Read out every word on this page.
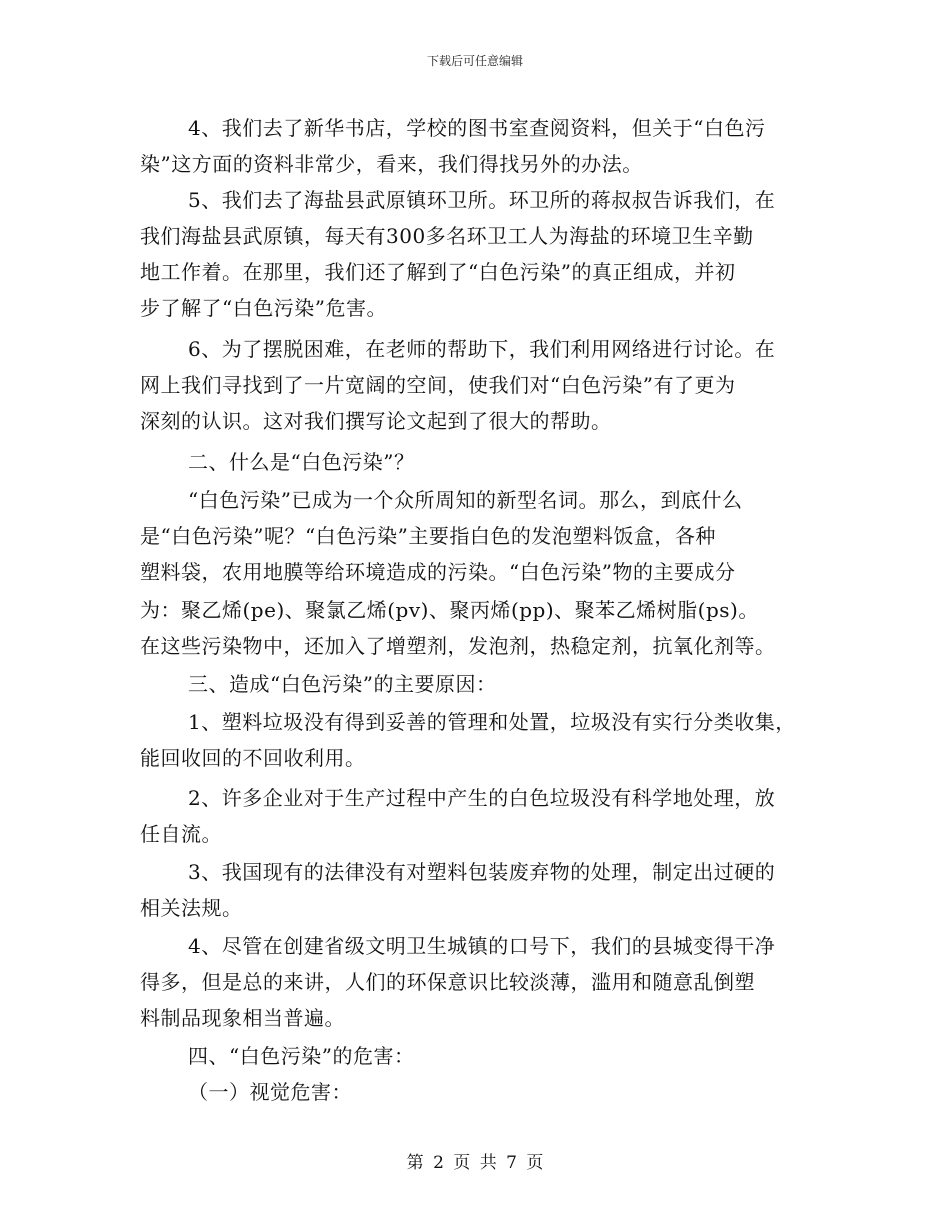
下载后可任意编辑
4、我们去了新华书店，学校的图书室查阅资料，但关于“白色污
染”这方面的资料非常少，看来，我们得找另外的办法。
5、我们去了海盐县武原镇环卫所。环卫所的蒋叔叔告诉我们，在
我们海盐县武原镇，每天有300多名环卫工人为海盐的环境卫生辛勤
地工作着。在那里，我们还了解到了“白色污染”的真正组成，并初
步了解了“白色污染”危害。
6、为了摆脱困难，在老师的帮助下，我们利用网络进行讨论。在
网上我们寻找到了一片宽阔的空间，使我们对“白色污染”有了更为
深刻的认识。这对我们撰写论文起到了很大的帮助。
二、什么是“白色污染”？
“白色污染”已成为一个众所周知的新型名词。那么，到底什么
是“白色污染”呢？“白色污染”主要指白色的发泡塑料饭盒，各种
塑料袋，农用地膜等给环境造成的污染。“白色污染”物的主要成分
为：聚乙烯(pe)、聚氯乙烯(pv)、聚丙烯(pp)、聚苯乙烯树脂(ps)。
在这些污染物中，还加入了增塑剂，发泡剂，热稳定剂，抗氧化剂等。
三、造成“白色污染”的主要原因：
1、塑料垃圾没有得到妥善的管理和处置，垃圾没有实行分类收集，
能回收回的不回收利用。
2、许多企业对于生产过程中产生的白色垃圾没有科学地处理，放
任自流。
3、我国现有的法律没有对塑料包装废弃物的处理，制定出过硬的
相关法规。
4、尽管在创建省级文明卫生城镇的口号下，我们的县城变得干净
得多，但是总的来讲，人们的环保意识比较淡薄，滥用和随意乱倒塑
料制品现象相当普遍。
四、“白色污染”的危害：
（一）视觉危害：
第 2 页 共 7 页
